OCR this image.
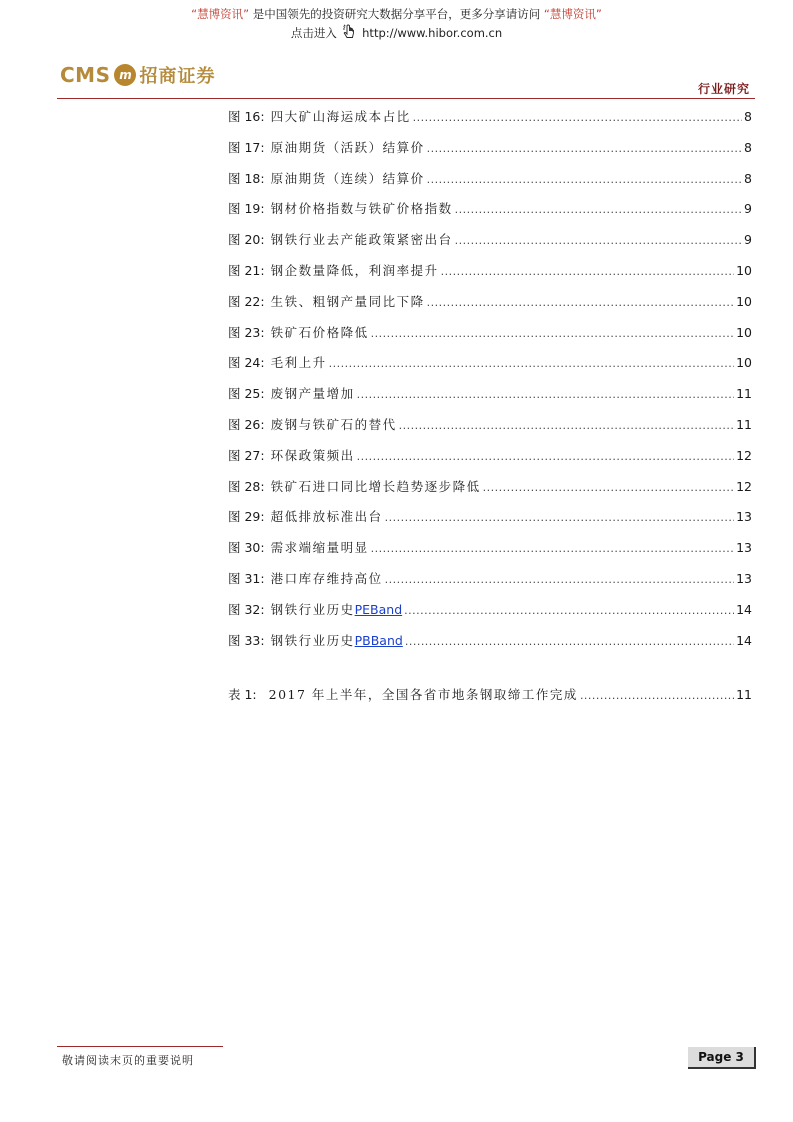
“慧博资讯” 是中国领先的投资研究大数据分享平台，更多分享请访问 “慧博资讯”
点击进入 http://www.hibor.com.cn
CMS m 招商证券
行业研究
图 16: 四大矿山海运成本占比 .....	8
图 17: 原油期货（活跃）结算价 .....	8
图 18: 原油期货（连续）结算价 .....	8
图 19: 钢材价格指数与铁矿价格指数 .....	9
图 20: 钢铁行业去产能政策紧密出台 .....	9
图 21: 钢企数量降低，利润率提升 .....	10
图 22: 生铁、粗钢产量同比下降 .....	10
图 23: 铁矿石价格降低 .....	10
图 24: 毛利上升 .....	10
图 25: 废钢产量增加 .....	11
图 26: 废钢与铁矿石的替代 .....	11
图 27: 环保政策频出 .....	12
图 28: 铁矿石进口同比增长趋势逐步降低 .....	12
图 29: 超低排放标准出台 .....	13
图 30: 需求端缩量明显 .....	13
图 31: 港口库存维持高位 .....	13
图 32: 钢铁行业历史PEBand .....	14
图 33: 钢铁行业历史PBBand .....	14
表 1: 2017 年上半年，全国各省市地条钢取缔工作完成 .....	11
敬请阅读末页的重要说明	Page 3
